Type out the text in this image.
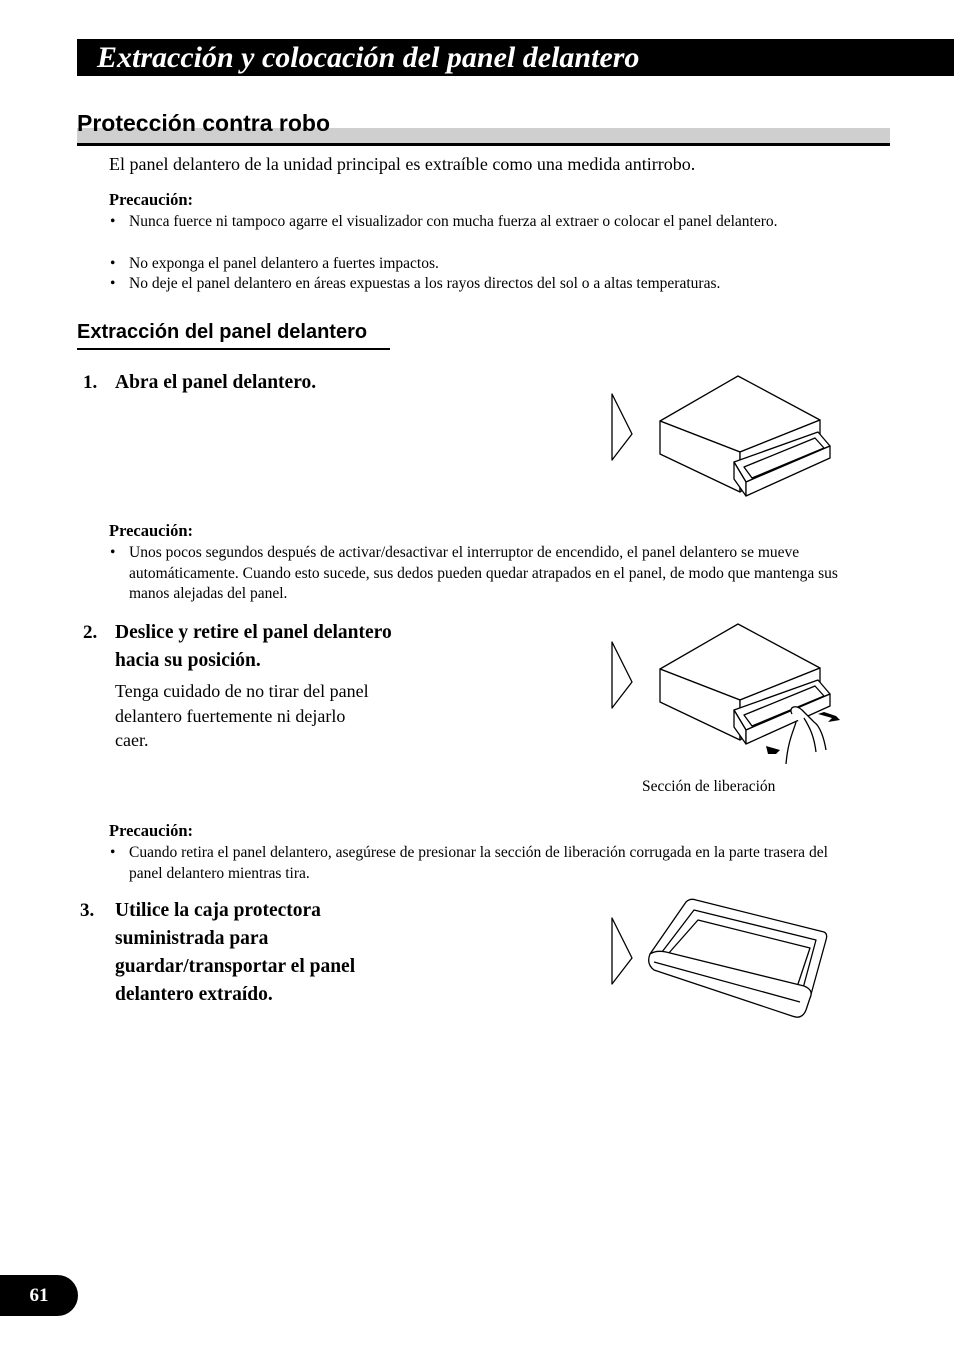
Extracción y colocación del panel delantero
Protección contra robo
El panel delantero de la unidad principal es extraíble como una medida antirrobo.
Precaución:
• Nunca fuerce ni tampoco agarre el visualizador con mucha fuerza al extraer o colocar el panel delantero.
• No exponga el panel delantero a fuertes impactos.
• No deje el panel delantero en áreas expuestas a los rayos directos del sol o a altas temperaturas.
Extracción del panel delantero
1. Abra el panel delantero.
Precaución:
• Unos pocos segundos después de activar/desactivar el interruptor de encendido, el panel delantero se mueve automáticamente. Cuando esto sucede, sus dedos pueden quedar atrapados en el panel, de modo que mantenga sus manos alejadas del panel.
2. Deslice y retire el panel delantero hacia su posición.
Tenga cuidado de no tirar del panel delantero fuertemente ni dejarlo caer.
Sección de liberación
Precaución:
• Cuando retira el panel delantero, asegúrese de presionar la sección de liberación corrugada en la parte trasera del panel delantero mientras tira.
3. Utilice la caja protectora suministrada para guardar/transportar el panel delantero extraído.
61
